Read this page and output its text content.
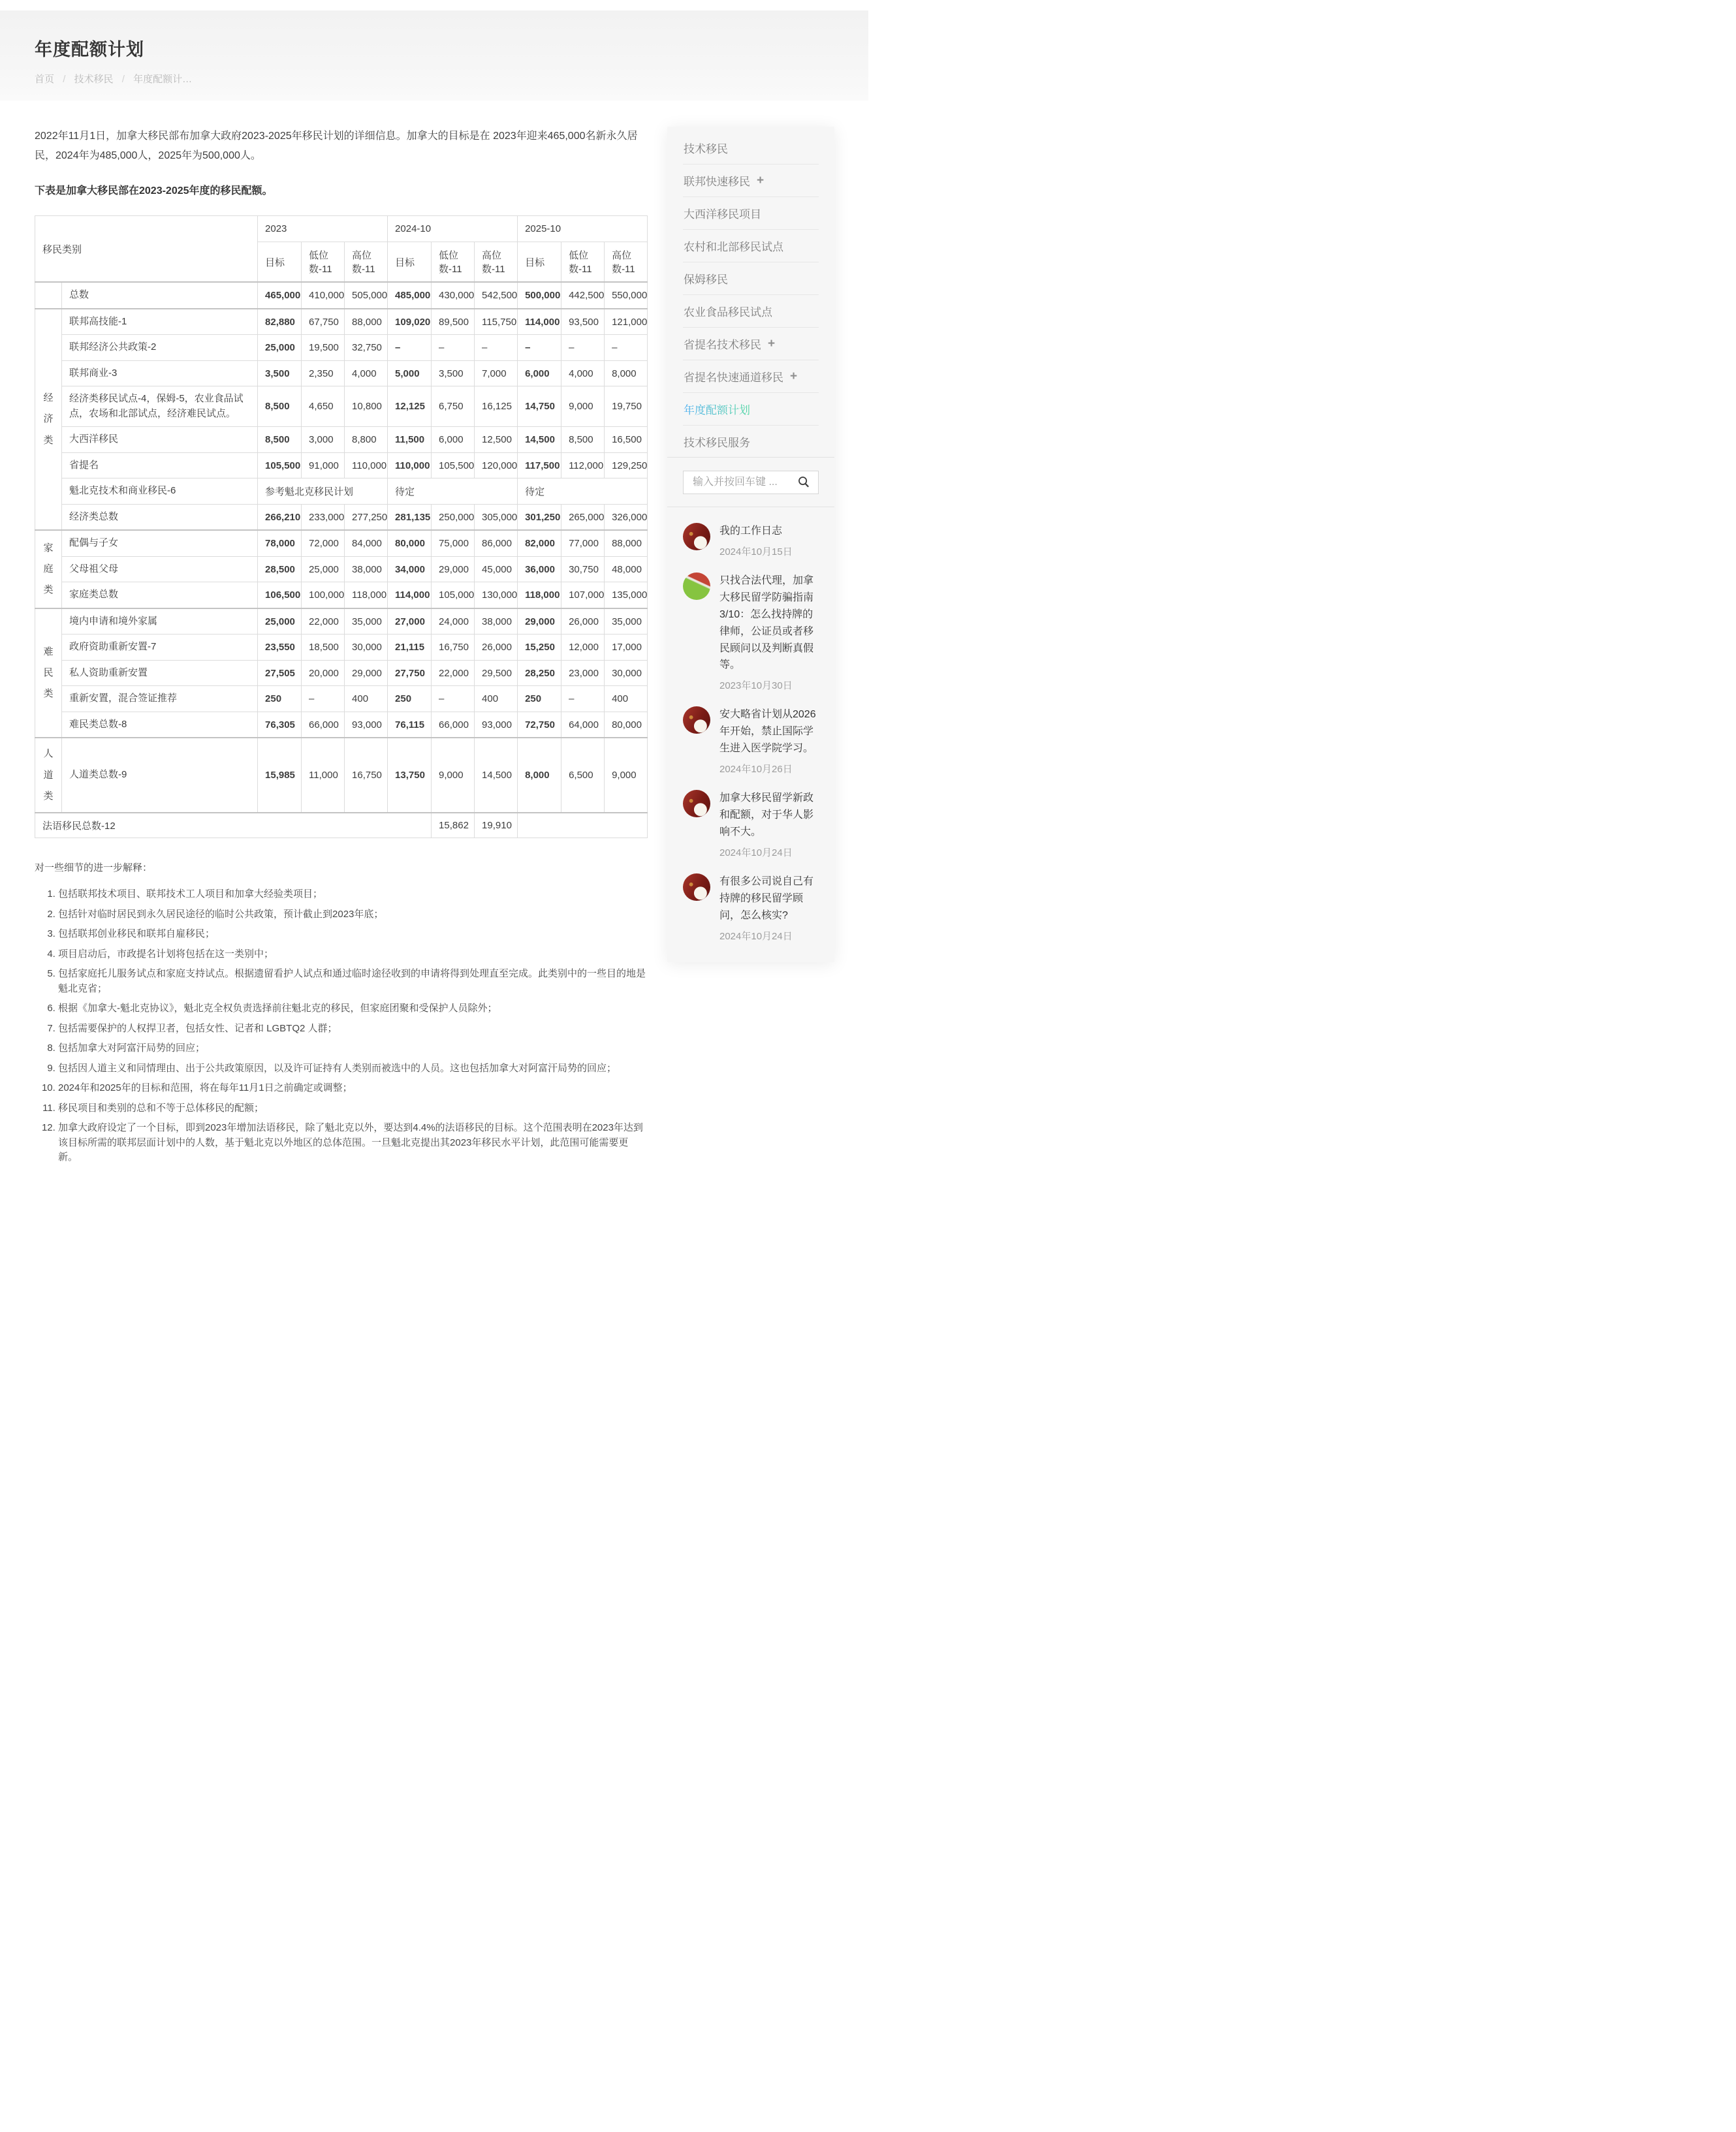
年度配额计划
首页 / 技术移民 / 年度配额计…

2022年11月1日，加拿大移民部布加拿大政府2023-2025年移民计划的详细信息。加拿大的目标是在 2023年迎来465,000名新永久居民，2024年为485,000人，2025年为500,000人。

下表是加拿大移民部在2023-2025年度的移民配额。

移民类别		2023			2024-10			2025-10		
		目标	低位数-11	高位数-11	目标	低位数-11	高位数-11	目标	低位数-11	高位数-11
	总数	465,000	410,000	505,000	485,000	430,000	542,500	500,000	442,500	550,000
经济类	联邦高技能-1	82,880	67,750	88,000	109,020	89,500	115,750	114,000	93,500	121,000
	联邦经济公共政策-2	25,000	19,500	32,750	–	–	–	–	–	–
	联邦商业-3	3,500	2,350	4,000	5,000	3,500	7,000	6,000	4,000	8,000
	经济类移民试点-4，保姆-5，农业食品试点，农场和北部试点，经济难民试点。	8,500	4,650	10,800	12,125	6,750	16,125	14,750	9,000	19,750
	大西洋移民	8,500	3,000	8,800	11,500	6,000	12,500	14,500	8,500	16,500
	省提名	105,500	91,000	110,000	110,000	105,500	120,000	117,500	112,000	129,250
	魁北克技术和商业移民-6	参考魁北克移民计划			待定			待定		
	经济类总数	266,210	233,000	277,250	281,135	250,000	305,000	301,250	265,000	326,000
家庭类	配偶与子女	78,000	72,000	84,000	80,000	75,000	86,000	82,000	77,000	88,000
	父母祖父母	28,500	25,000	38,000	34,000	29,000	45,000	36,000	30,750	48,000
	家庭类总数	106,500	100,000	118,000	114,000	105,000	130,000	118,000	107,000	135,000
难民类	境内申请和境外家属	25,000	22,000	35,000	27,000	24,000	38,000	29,000	26,000	35,000
	政府资助重新安置-7	23,550	18,500	30,000	21,115	16,750	26,000	15,250	12,000	17,000
	私人资助重新安置	27,505	20,000	29,000	27,750	22,000	29,500	28,250	23,000	30,000
	重新安置，混合签证推荐	250	–	400	250	–	400	250	–	400
	难民类总数-8	76,305	66,000	93,000	76,115	66,000	93,000	72,750	64,000	80,000
人道类	人道类总数-9	15,985	11,000	16,750	13,750	9,000	14,500	8,000	6,500	9,000
法语移民总数-12						15,862	19,910			
对一些细节的进一步解释：
1. 包括联邦技术项目、联邦技术工人项目和加拿大经验类项目；
2. 包括针对临时居民到永久居民途径的临时公共政策，预计截止到2023年底；
3. 包括联邦创业移民和联邦自雇移民；
4. 项目启动后，市政提名计划将包括在这一类别中；
5. 包括家庭托儿服务试点和家庭支持试点。根据遗留看护人试点和通过临时途径收到的申请将得到处理直至完成。此类别中的一些目的地是魁北克省；
6. 根据《加拿大-魁北克协议》，魁北克全权负责选择前往魁北克的移民，但家庭团聚和受保护人员除外；
7. 包括需要保护的人权捍卫者，包括女性、记者和 LGBTQ2 人群；
8. 包括加拿大对阿富汗局势的回应；
9. 包括因人道主义和同情理由、出于公共政策原因，以及许可证持有人类别而被选中的人员。这也包括加拿大对阿富汗局势的回应；
10. 2024年和2025年的目标和范围，将在每年11月1日之前确定或调整；
11. 移民项目和类别的总和不等于总体移民的配额；
12. 加拿大政府设定了一个目标，即到2023年增加法语移民，除了魁北克以外，要达到4.4%的法语移民的目标。这个范围表明在2023年达到该目标所需的联邦层面计划中的人数，基于魁北克以外地区的总体范围。一旦魁北克提出其2023年移民水平计划，此范围可能需要更新。
技术移民
联邦快速移民 +
大西洋移民项目
农村和北部移民试点
保姆移民
农业食品移民试点
省提名技术移民 +
省提名快速通道移民 +
年度配额计划
技术移民服务
输入并按回车键 ...
我的工作日志
2024年10月15日
只找合法代理，加拿大移民留学防骗指南 3/10：怎么找持牌的律师，公证员或者移民顾问以及判断真假等。
2023年10月30日
安大略省计划从2026年开始，禁止国际学生进入医学院学习。
2024年10月26日
加拿大移民留学新政和配额，对于华人影响不大。
2024年10月24日
有很多公司说自己有持牌的移民留学顾问，怎么核实?
2024年10月24日
